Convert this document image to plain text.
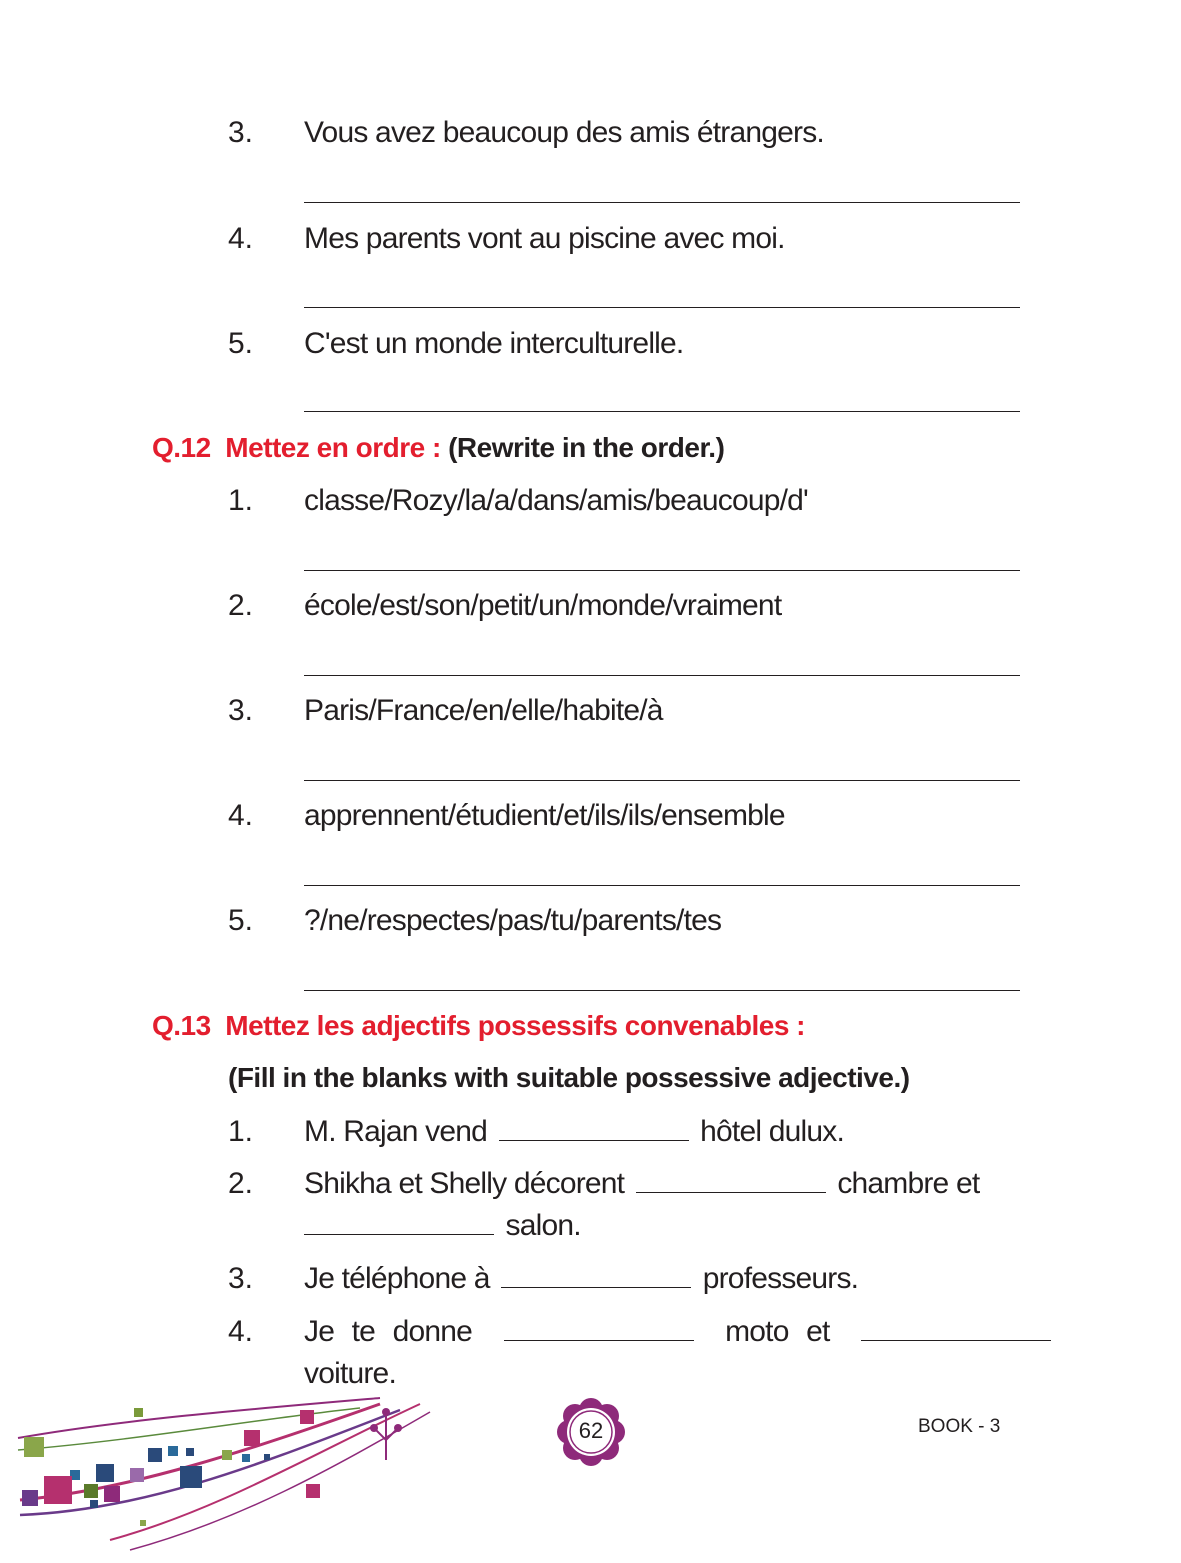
3. Vous avez beaucoup des amis étrangers.
4. Mes parents vont au piscine avec moi.
5. C'est un monde interculturelle.
Q.12 Mettez en ordre : (Rewrite in the order.)
1. classe/Rozy/la/a/dans/amis/beaucoup/d'
2. école/est/son/petit/un/monde/vraiment
3. Paris/France/en/elle/habite/à
4. apprennent/étudient/et/ils/ils/ensemble
5. ?/ne/respectes/pas/tu/parents/tes
Q.13 Mettez les adjectifs possessifs convenables :
(Fill in the blanks with suitable possessive adjective.)
1. M. Rajan vend	hôtel dulux.
2. Shikha et Shelly décorent	chambre et
salon.
3. Je téléphone à	professeurs.
4. Je te donne	moto et
voiture.
62	BOOK - 3
